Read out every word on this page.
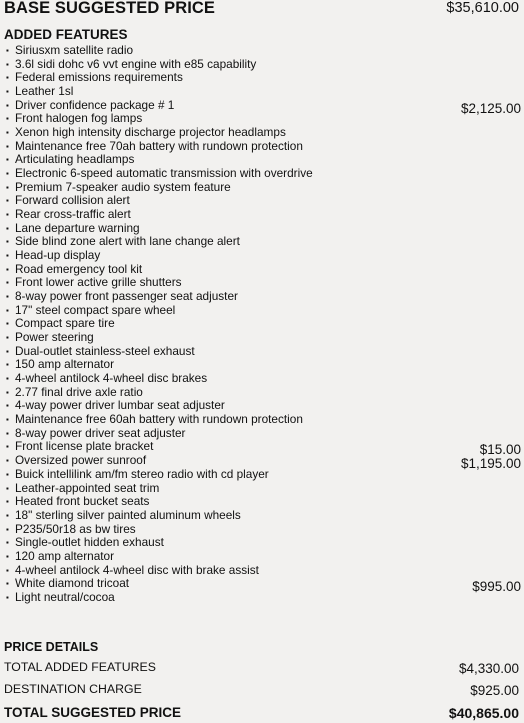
BASE SUGGESTED PRICE	$35,610.00
ADDED FEATURES
▪ Siriusxm satellite radio
▪ 3.6l sidi dohc v6 vvt engine with e85 capability
▪ Federal emissions requirements
▪ Leather 1sl
▪ Driver confidence package # 1	$2,125.00
▪ Front halogen fog lamps
▪ Xenon high intensity discharge projector headlamps
▪ Maintenance free 70ah battery with rundown protection
▪ Articulating headlamps
▪ Electronic 6-speed automatic transmission with overdrive
▪ Premium 7-speaker audio system feature
▪ Forward collision alert
▪ Rear cross-traffic alert
▪ Lane departure warning
▪ Side blind zone alert with lane change alert
▪ Head-up display
▪ Road emergency tool kit
▪ Front lower active grille shutters
▪ 8-way power front passenger seat adjuster
▪ 17" steel compact spare wheel
▪ Compact spare tire
▪ Power steering
▪ Dual-outlet stainless-steel exhaust
▪ 150 amp alternator
▪ 4-wheel antilock 4-wheel disc brakes
▪ 2.77 final drive axle ratio
▪ 4-way power driver lumbar seat adjuster
▪ Maintenance free 60ah battery with rundown protection
▪ 8-way power driver seat adjuster
▪ Front license plate bracket	$15.00
▪ Oversized power sunroof	$1,195.00
▪ Buick intellilink am/fm stereo radio with cd player
▪ Leather-appointed seat trim
▪ Heated front bucket seats
▪ 18" sterling silver painted aluminum wheels
▪ P235/50r18 as bw tires
▪ Single-outlet hidden exhaust
▪ 120 amp alternator
▪ 4-wheel antilock 4-wheel disc with brake assist
▪ White diamond tricoat	$995.00
▪ Light neutral/cocoa
PRICE DETAILS
TOTAL ADDED FEATURES	$4,330.00
DESTINATION CHARGE	$925.00
TOTAL SUGGESTED PRICE	$40,865.00
